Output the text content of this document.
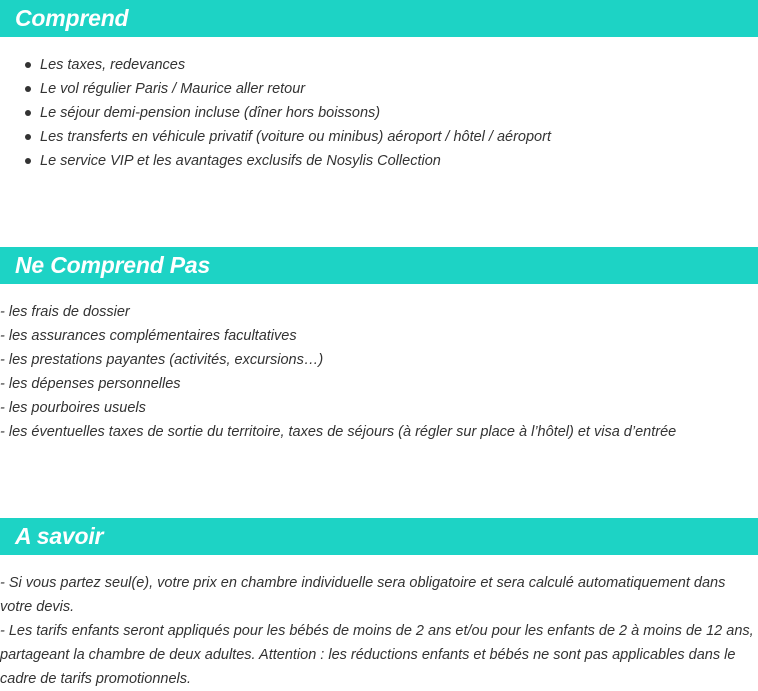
Comprend
Les taxes, redevances
Le vol régulier Paris / Maurice aller retour
Le séjour demi-pension incluse (dîner hors boissons)
Les transferts en véhicule privatif (voiture ou minibus) aéroport / hôtel / aéroport
Le service VIP et les avantages exclusifs de Nosylis Collection
Ne Comprend Pas
- les frais de dossier
- les assurances complémentaires facultatives
- les prestations payantes (activités, excursions…)
- les dépenses personnelles
- les pourboires usuels
- les éventuelles taxes de sortie du territoire, taxes de séjours (à régler sur place à l’hôtel) et visa d’entrée
A savoir

- Si vous partez seul(e), votre prix en chambre individuelle sera obligatoire et sera calculé automatiquement dans votre devis.

- Les tarifs enfants seront appliqués pour les bébés de moins de 2 ans et/ou pour les enfants de 2 à moins de 12 ans, partageant la chambre de deux adultes. Attention : les réductions enfants et bébés ne sont pas applicables dans le cadre de tarifs promotionnels.
